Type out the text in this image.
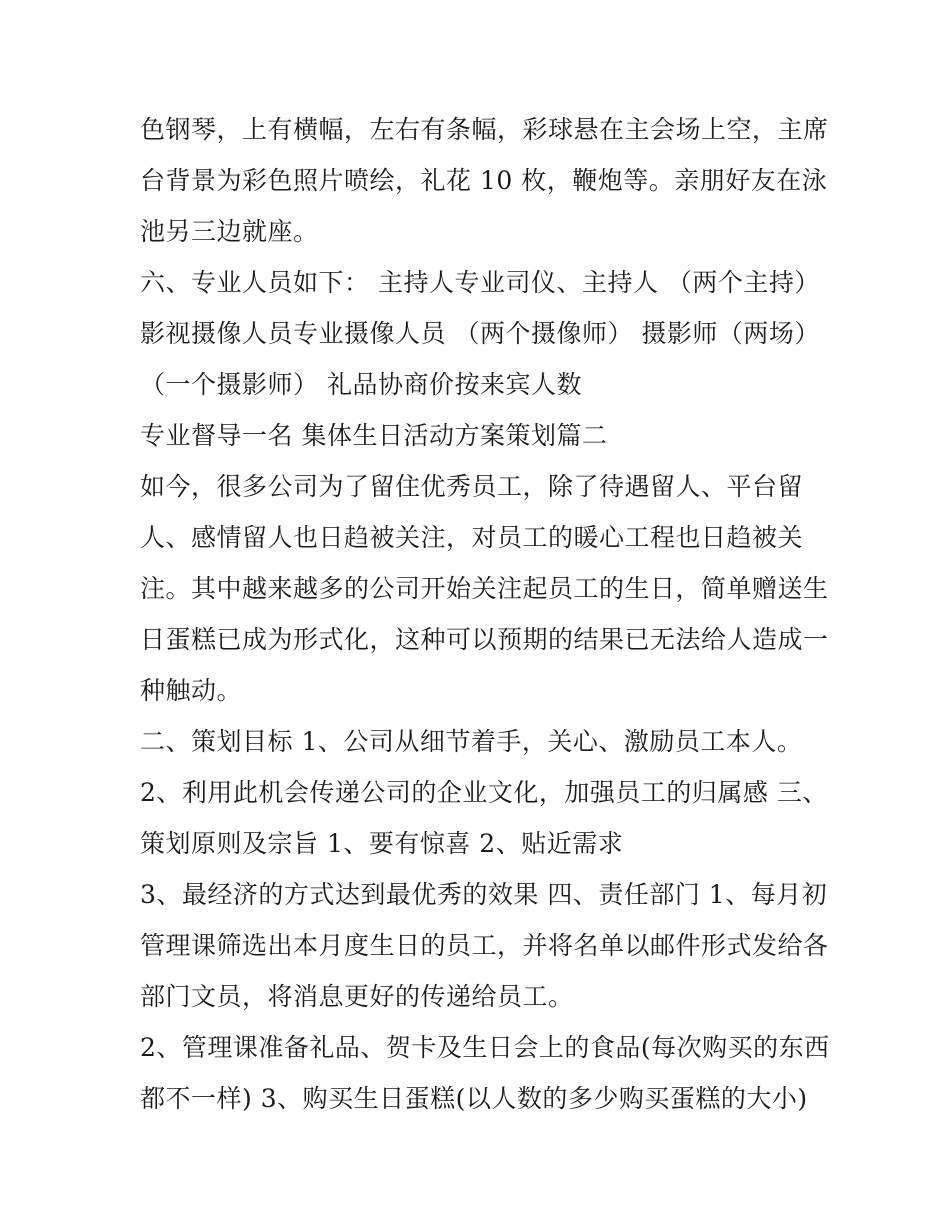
色钢琴，上有横幅，左右有条幅，彩球悬在主会场上空，主席
台背景为彩色照片喷绘，礼花 10 枚，鞭炮等。亲朋好友在泳
池另三边就座。
六、专业人员如下： 主持人专业司仪、主持人 （两个主持）
影视摄像人员专业摄像人员 （两个摄像师） 摄影师（两场）
（一个摄影师） 礼品协商价按来宾人数
专业督导一名 集体生日活动方案策划篇二
如今，很多公司为了留住优秀员工，除了待遇留人、平台留
人、感情留人也日趋被关注，对员工的暖心工程也日趋被关
注。其中越来越多的公司开始关注起员工的生日，简单赠送生
日蛋糕已成为形式化，这种可以预期的结果已无法给人造成一
种触动。
二、策划目标 1、公司从细节着手，关心、激励员工本人。
2、利用此机会传递公司的企业文化，加强员工的归属感 三、
策划原则及宗旨 1、要有惊喜 2、贴近需求
3、最经济的方式达到最优秀的效果 四、责任部门 1、每月初
管理课筛选出本月度生日的员工，并将名单以邮件形式发给各
部门文员，将消息更好的传递给员工。
2、管理课准备礼品、贺卡及生日会上的食品(每次购买的东西
都不一样) 3、购买生日蛋糕(以人数的多少购买蛋糕的大小)
